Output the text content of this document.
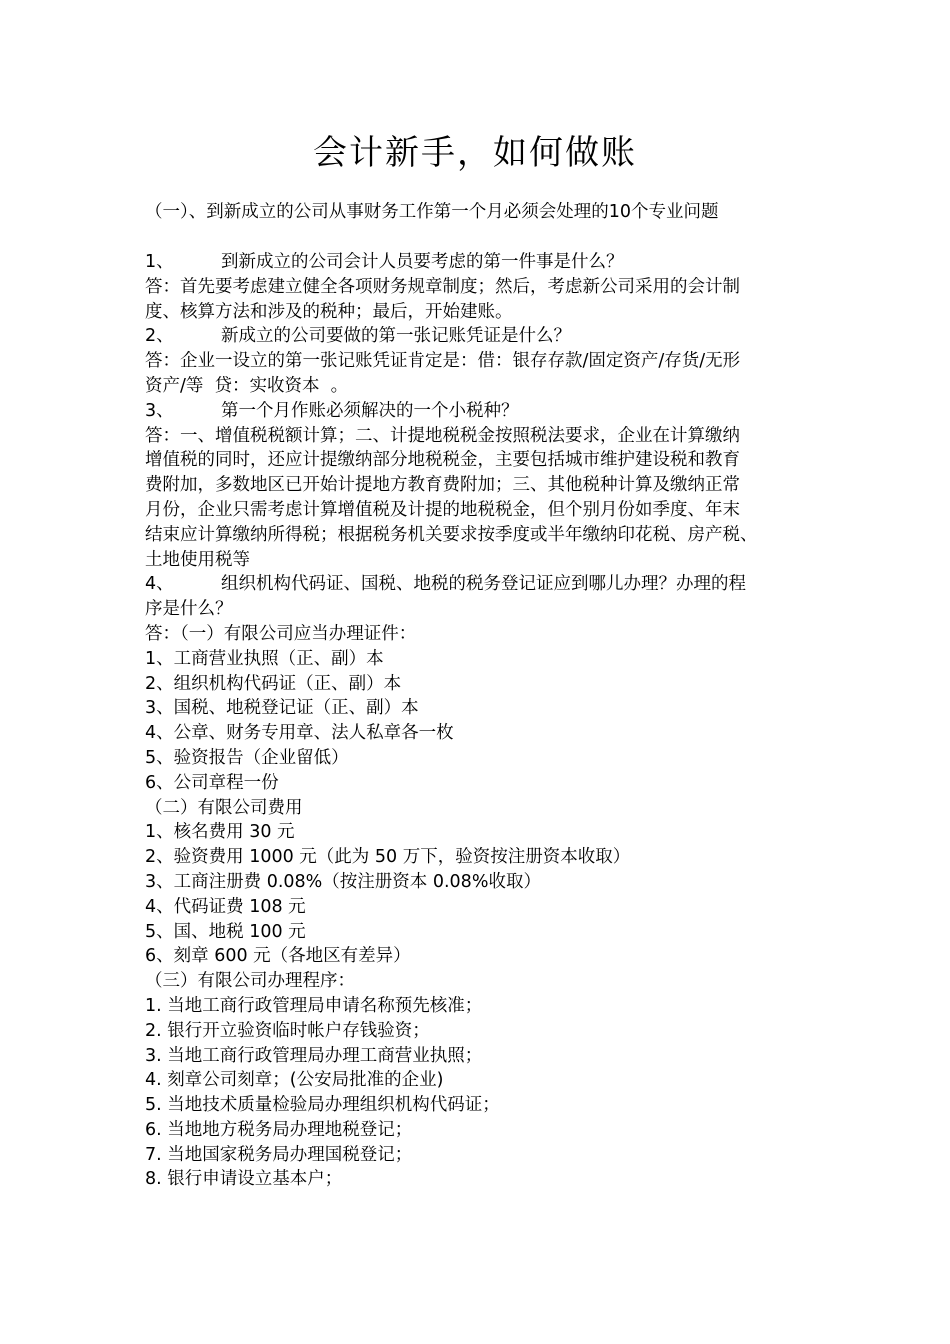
会计新手，如何做账
（一）、到新成立的公司从事财务工作第一个月必须会处理的10个专业问题
1、	到新成立的公司会计人员要考虑的第一件事是什么？
答：首先要考虑建立健全各项财务规章制度；然后，考虑新公司采用的会计制
度、核算方法和涉及的税种；最后，开始建账。
2、	新成立的公司要做的第一张记账凭证是什么？
答：企业一设立的第一张记账凭证肯定是：借：银存存款/固定资产/存货/无形
资产/等  贷：实收资本  。
3、	第一个月作账必须解决的一个小税种？
答：一、增值税税额计算；二、计提地税税金按照税法要求，企业在计算缴纳
增值税的同时，还应计提缴纳部分地税税金，主要包括城市维护建设税和教育
费附加，多数地区已开始计提地方教育费附加；三、其他税种计算及缴纳正常
月份，企业只需考虑计算增值税及计提的地税税金，但个别月份如季度、年末
结束应计算缴纳所得税；根据税务机关要求按季度或半年缴纳印花税、房产税、
土地使用税等
4、	组织机构代码证、国税、地税的税务登记证应到哪儿办理？办理的程
序是什么？
答：（一）有限公司应当办理证件：
1、工商营业执照（正、副）本
2、组织机构代码证（正、副）本
3、国税、地税登记证（正、副）本
4、公章、财务专用章、法人私章各一枚
5、验资报告（企业留低）
6、公司章程一份
（二）有限公司费用
1、核名费用 30 元
2、验资费用 1000 元（此为 50 万下，验资按注册资本收取）
3、工商注册费 0.08%（按注册资本 0.08%收取）
4、代码证费 108 元
5、国、地税 100 元
6、刻章 600 元（各地区有差异）
（三）有限公司办理程序：
1. 当地工商行政管理局申请名称预先核准；
2. 银行开立验资临时帐户存钱验资；
3. 当地工商行政管理局办理工商营业执照；
4. 刻章公司刻章；(公安局批准的企业)
5. 当地技术质量检验局办理组织机构代码证；
6. 当地地方税务局办理地税登记；
7. 当地国家税务局办理国税登记；
8. 银行申请设立基本户；
